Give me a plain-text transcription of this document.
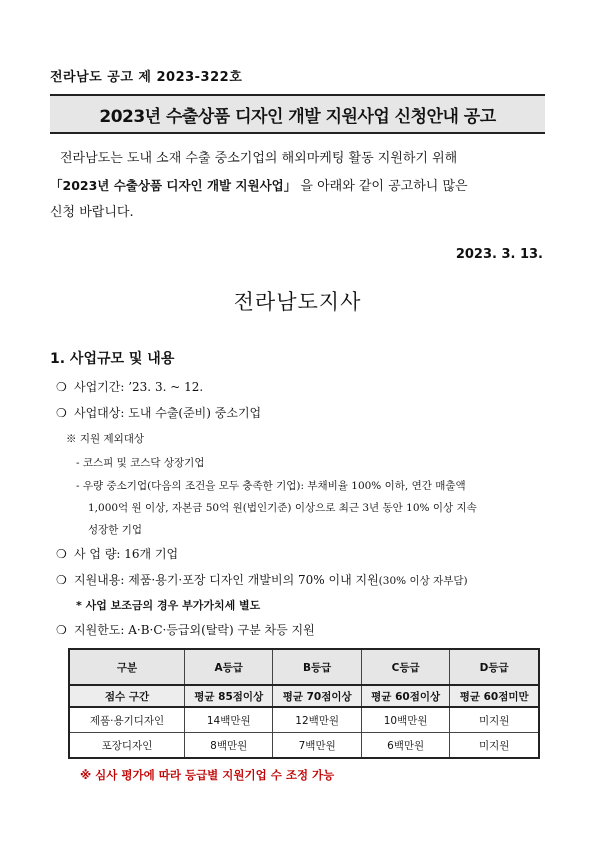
전라남도 공고 제 2023-322호
2023년 수출상품 디자인 개발 지원사업 신청안내 공고
전라남도는 도내 소재 수출 중소기업의 해외마케팅 활동 지원하기 위해
「2023년 수출상품 디자인 개발 지원사업」 을 아래와 같이 공고하니 많은
신청 바랍니다.
2023. 3. 13.
전라남도지사
1. 사업규모 및 내용
❍ 사업기간: ’23. 3. ~ 12.
❍ 사업대상: 도내 수출(준비) 중소기업
※ 지원 제외대상
- 코스피 및 코스닥 상장기업
- 우량 중소기업(다음의 조건을 모두 충족한 기업): 부채비율 100% 이하, 연간 매출액
1,000억 원 이상, 자본금 50억 원(법인기준) 이상으로 최근 3년 동안 10% 이상 지속
성장한 기업
❍ 사 업 량: 16개 기업
❍ 지원내용: 제품·용기·포장 디자인 개발비의 70% 이내 지원(30% 이상 자부담)
* 사업 보조금의 경우 부가가치세 별도
❍ 지원한도: A·B·C·등급외(탈락) 구분 차등 지원
구분	A등급	B등급	C등급	D등급
점수 구간	평균 85점이상	평균 70점이상	평균 60점이상	평균 60점미만
제품·용기디자인	14백만원	12백만원	10백만원	미지원
포장디자인	8백만원	7백만원	6백만원	미지원
※ 심사 평가에 따라 등급별 지원기업 수 조정 가능
